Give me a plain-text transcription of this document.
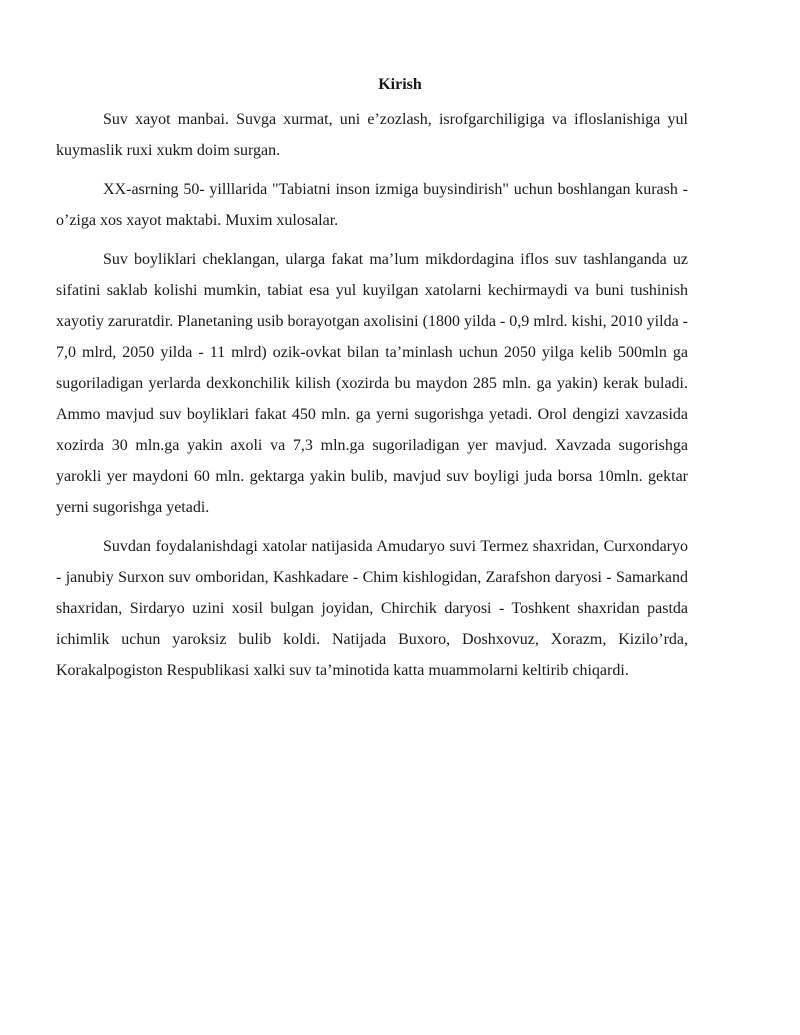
Kirish

Suv xayot manbai. Suvga xurmat, uni e’zozlash, isrofgarchiligiga va ifloslanishiga yul kuymaslik ruxi xukm doim surgan.

XX-asrning 50- yilllarida "Tabiatni inson izmiga buysindirish" uchun boshlangan kurash - o’ziga xos xayot maktabi. Muxim xulosalar.

Suv boyliklari cheklangan, ularga fakat ma’lum mikdordagina iflos suv tashlanganda uz sifatini saklab kolishi mumkin, tabiat esa yul kuyilgan xatolarni kechirmaydi va buni tushinish xayotiy zaruratdir. Planetaning usib borayotgan axolisini (1800 yilda - 0,9 mlrd. kishi, 2010 yilda - 7,0 mlrd, 2050 yilda - 11 mlrd) ozik-ovkat bilan ta’minlash uchun 2050 yilga kelib 500mln ga sugoriladigan yerlarda dexkonchilik kilish (xozirda bu maydon 285 mln. ga yakin) kerak buladi. Ammo mavjud suv boyliklari fakat 450 mln. ga yerni sugorishga yetadi. Orol dengizi xavzasida xozirda 30 mln.ga yakin axoli va 7,3 mln.ga sugoriladigan yer mavjud. Xavzada sugorishga yarokli yer maydoni 60 mln. gektarga yakin bulib, mavjud suv boyligi juda borsa 10mln. gektar yerni sugorishga yetadi.

Suvdan foydalanishdagi xatolar natijasida Amudaryo suvi Termez shaxridan, Curxondaryo - janubiy Surxon suv omboridan, Kashkadare - Chim kishlogidan, Zarafshon daryosi - Samarkand shaxridan, Sirdaryo uzini xosil bulgan joyidan, Chirchik daryosi - Toshkent shaxridan pastda ichimlik uchun yaroksiz bulib koldi. Natijada Buxoro, Doshxovuz, Xorazm, Kizilo’rda, Korakalpogiston Respublikasi xalki suv ta’minotida katta muammolarni keltirib chiqardi.
